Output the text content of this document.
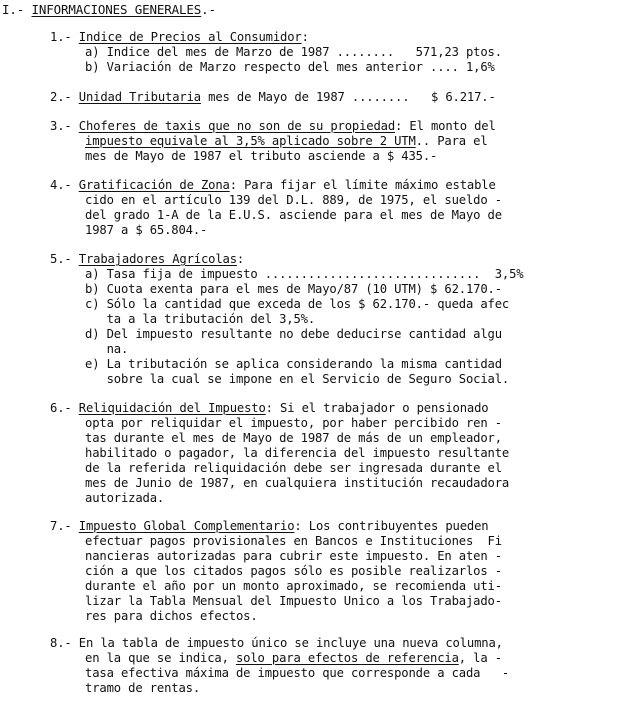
I.- INFORMACIONES GENERALES.-
1.- Indice de Precios al Consumidor:
a) Indice del mes de Marzo de 1987 ........   571,23 ptos.
b) Variación de Marzo respecto del mes anterior .... 1,6%
2.- Unidad Tributaria mes de Mayo de 1987 ........   $ 6.217.-
3.- Choferes de taxis que no son de su propiedad: El monto del
impuesto equivale al 3,5% aplicado sobre 2 UTM.. Para el
mes de Mayo de 1987 el tributo asciende a $ 435.-
4.- Gratificación de Zona: Para fijar el límite máximo estable
cido en el artículo 139 del D.L. 889, de 1975, el sueldo -
del grado 1-A de la E.U.S. asciende para el mes de Mayo de
1987 a $ 65.804.-
5.- Trabajadores Agrícolas:
a) Tasa fija de impuesto ..............................  3,5%
b) Cuota exenta para el mes de Mayo/87 (10 UTM) $ 62.170.-
c) Sólo la cantidad que exceda de los $ 62.170.- queda afec
ta a la tributación del 3,5%.
d) Del impuesto resultante no debe deducirse cantidad algu
na.
e) La tributación se aplica considerando la misma cantidad
sobre la cual se impone en el Servicio de Seguro Social.
6.- Reliquidación del Impuesto: Si el trabajador o pensionado
opta por reliquidar el impuesto, por haber percibido ren -
tas durante el mes de Mayo de 1987 de más de un empleador,
habilitado o pagador, la diferencia del impuesto resultante
de la referida reliquidación debe ser ingresada durante el
mes de Junio de 1987, en cualquiera institución recaudadora
autorizada.
7.- Impuesto Global Complementario: Los contribuyentes pueden
efectuar pagos provisionales en Bancos e Instituciones  Fi
nancieras autorizadas para cubrir este impuesto. En aten -
ción a que los citados pagos sólo es posible realizarlos -
durante el año por un monto aproximado, se recomienda uti-
lizar la Tabla Mensual del Impuesto Unico a los Trabajado-
res para dichos efectos.
8.- En la tabla de impuesto único se incluye una nueva columna,
en la que se indica, solo para efectos de referencia, la -
tasa efectiva máxima de impuesto que corresponde a cada   -
tramo de rentas.
